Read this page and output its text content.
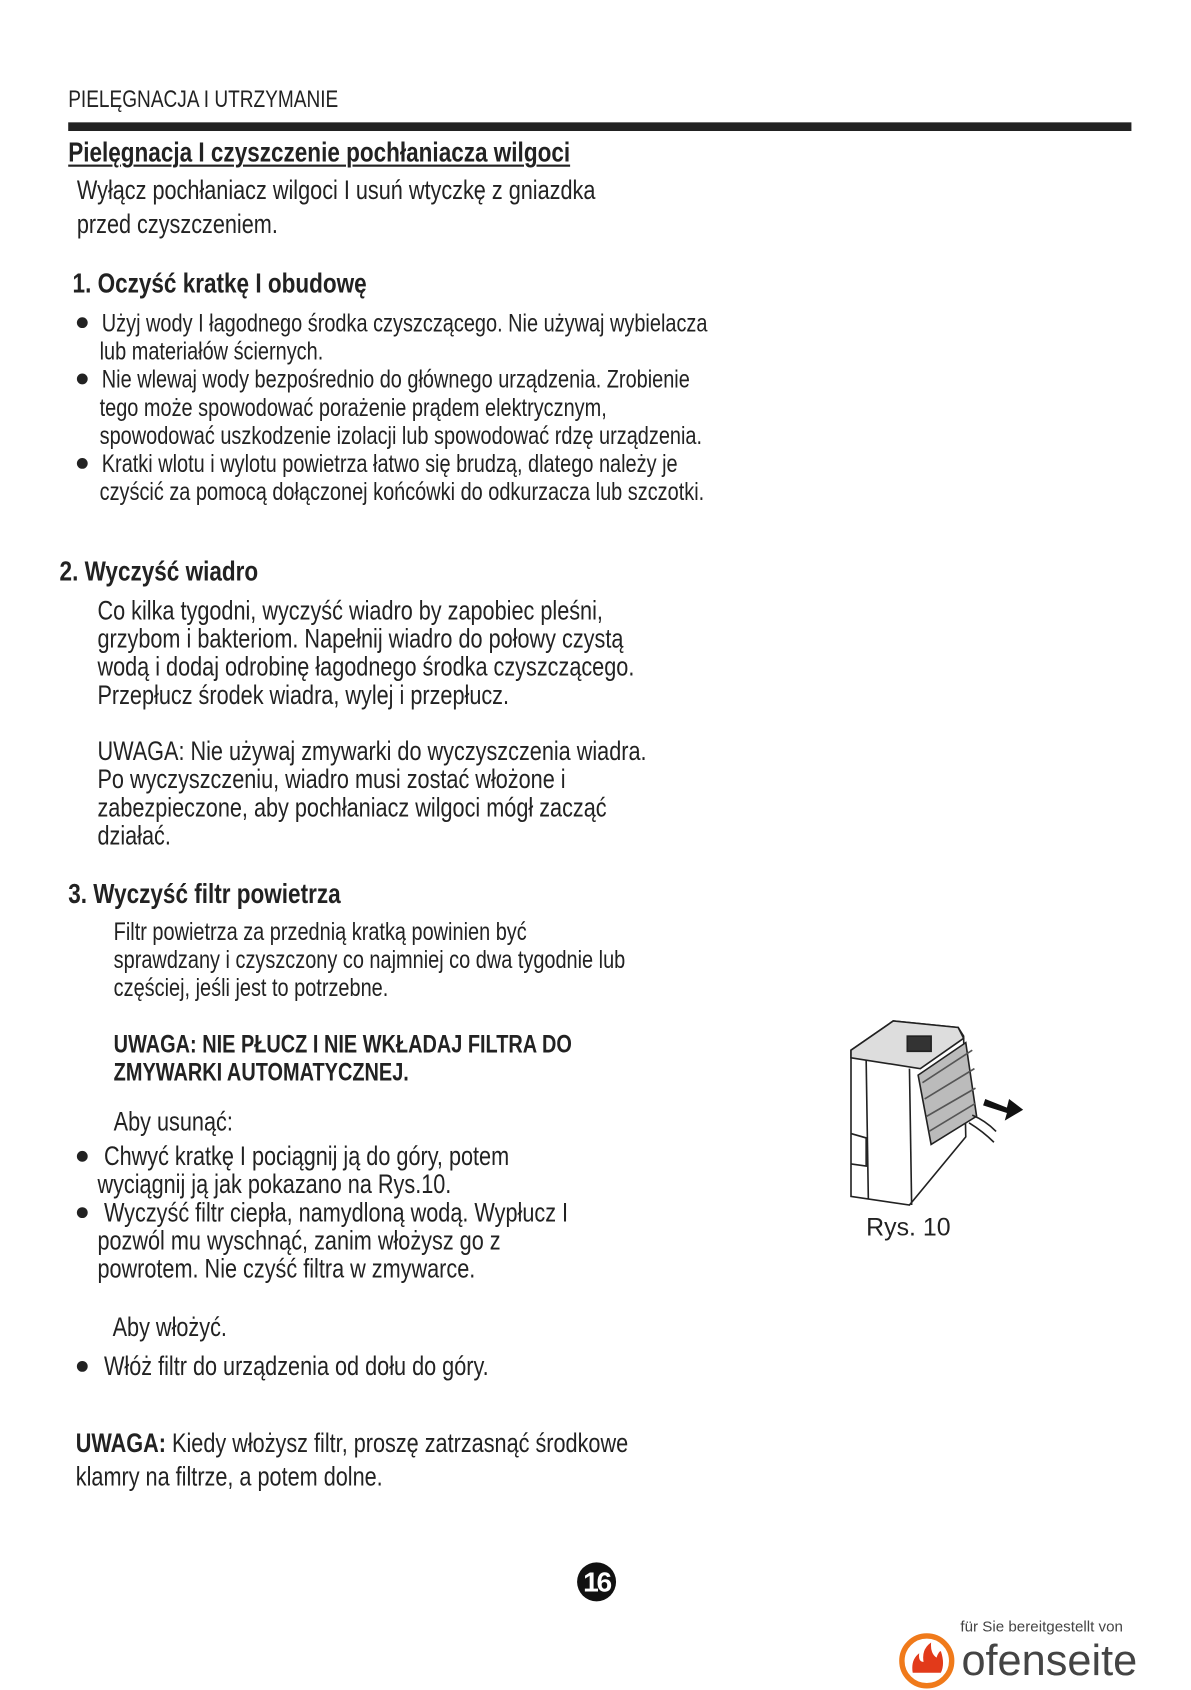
PIELĘGNACJA I UTRZYMANIE
Pielęgnacja I czyszczenie pochłaniacza wilgoci
Wyłącz pochłaniacz wilgoci I usuń wtyczkę z gniazdka
przed czyszczeniem.
1. Oczyść kratkę I obudowę
Użyj wody I łagodnego środka czyszczącego. Nie używaj wybielacza
lub materiałów ściernych.
Nie wlewaj wody bezpośrednio do głównego urządzenia. Zrobienie
tego może spowodować porażenie prądem elektrycznym,
spowodować uszkodzenie izolacji lub spowodować rdzę urządzenia.
Kratki wlotu i wylotu powietrza łatwo się brudzą, dlatego należy je
czyścić za pomocą dołączonej końcówki do odkurzacza lub szczotki.
2. Wyczyść wiadro
Co kilka tygodni, wyczyść wiadro by zapobiec pleśni,
grzybom i bakteriom. Napełnij wiadro do połowy czystą
wodą i dodaj odrobinę łagodnego środka czyszczącego.
Przepłucz środek wiadra, wylej i przepłucz.
UWAGA: Nie używaj zmywarki do wyczyszczenia wiadra.
Po wyczyszczeniu, wiadro musi zostać włożone i
zabezpieczone, aby pochłaniacz wilgoci mógł zacząć
działać.
3. Wyczyść filtr powietrza
Filtr powietrza za przednią kratką powinien być
sprawdzany i czyszczony co najmniej co dwa tygodnie lub
częściej, jeśli jest to potrzebne.
UWAGA: NIE PŁUCZ I NIE WKŁADAJ FILTRA DO
ZMYWARKI AUTOMATYCZNEJ.
Aby usunąć:
Chwyć kratkę I pociągnij ją do góry, potem
wyciągnij ją jak pokazano na Rys.10.
Wyczyść filtr ciepła, namydloną wodą. Wypłucz I
pozwól mu wyschnąć, zanim włożysz go z
powrotem. Nie czyść filtra w zmywarce.
Aby włożyć.
Włóż filtr do urządzenia od dołu do góry.
UWAGA: Kiedy włożysz filtr, proszę zatrzasnąć środkowe
klamry na filtrze, a potem dolne.
Rys. 10
16
für Sie bereitgestellt von
ofenseite
